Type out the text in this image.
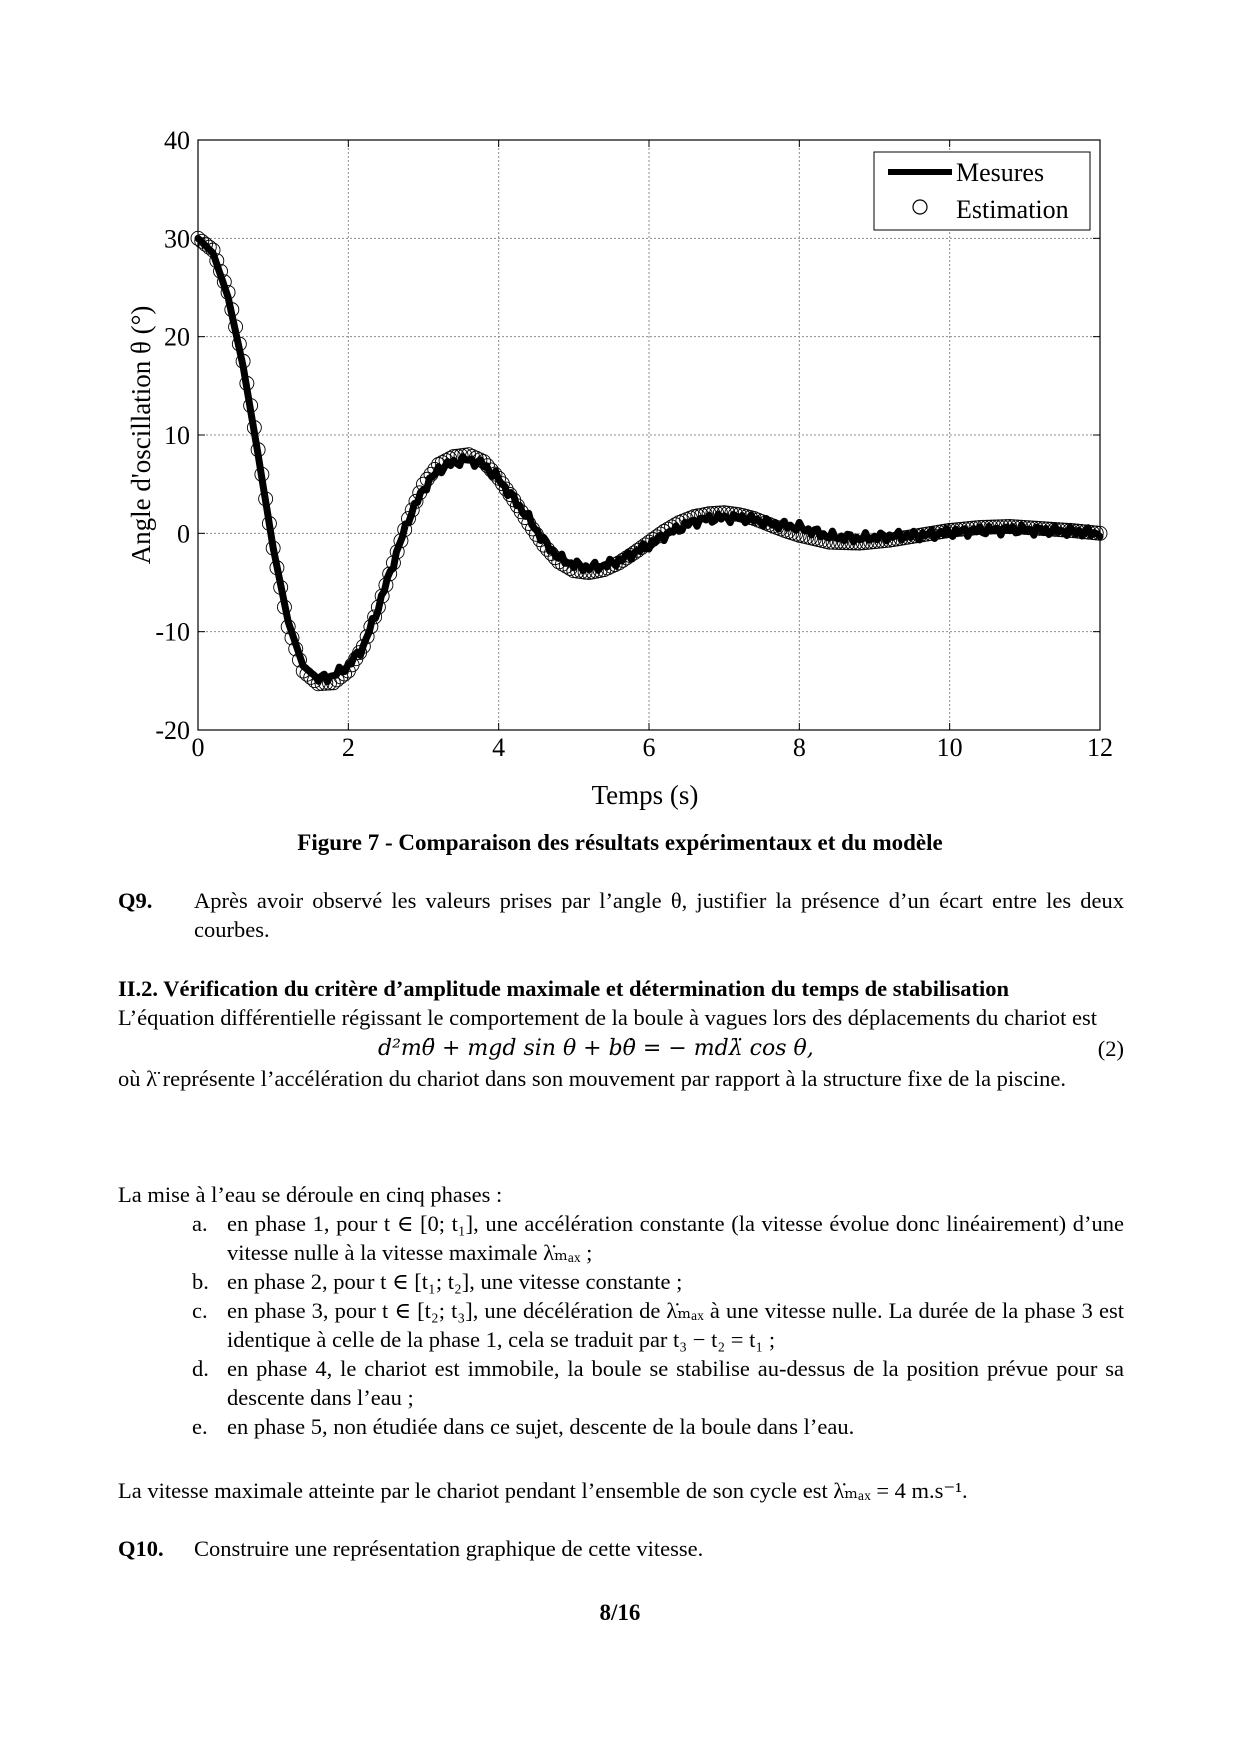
0	2	4	6	8	10	12
-20
-10
0
10
20
30
40
Mesures
Estimation
Temps (s)
Angle d'oscillation θ (°)
Figure 7 - Comparaison des résultats expérimentaux et du modèle
Q9.	Après avoir observé les valeurs prises par l’angle θ, justifier la présence d’un écart entre les deux courbes.
II.2. Vérification du critère d’amplitude maximale et détermination du temps de stabilisation
L’équation différentielle régissant le comportement de la boule à vagues lors des déplacements du chariot est
d²mθ̈ + mgd sin θ + bθ̇ = − mdλ̈ cos θ,	(2)
où λ̈ représente l’accélération du chariot dans son mouvement par rapport à la structure fixe de la piscine.
La mise à l’eau se déroule en cinq phases :
a. en phase 1, pour t ∈ [0; t₁], une accélération constante (la vitesse évolue donc linéairement) d’une vitesse nulle à la vitesse maximale λ̇ₘₐₓ ;
b. en phase 2, pour t ∈ [t₁; t₂], une vitesse constante ;
c. en phase 3, pour t ∈ [t₂; t₃], une décélération de λ̇ₘₐₓ à une vitesse nulle. La durée de la phase 3 est identique à celle de la phase 1, cela se traduit par t₃ − t₂ = t₁ ;
d. en phase 4, le chariot est immobile, la boule se stabilise au-dessus de la position prévue pour sa descente dans l’eau ;
e. en phase 5, non étudiée dans ce sujet, descente de la boule dans l’eau.
La vitesse maximale atteinte par le chariot pendant l’ensemble de son cycle est λ̇ₘₐₓ = 4 m.s⁻¹.
Q10.	Construire une représentation graphique de cette vitesse.
8/16
